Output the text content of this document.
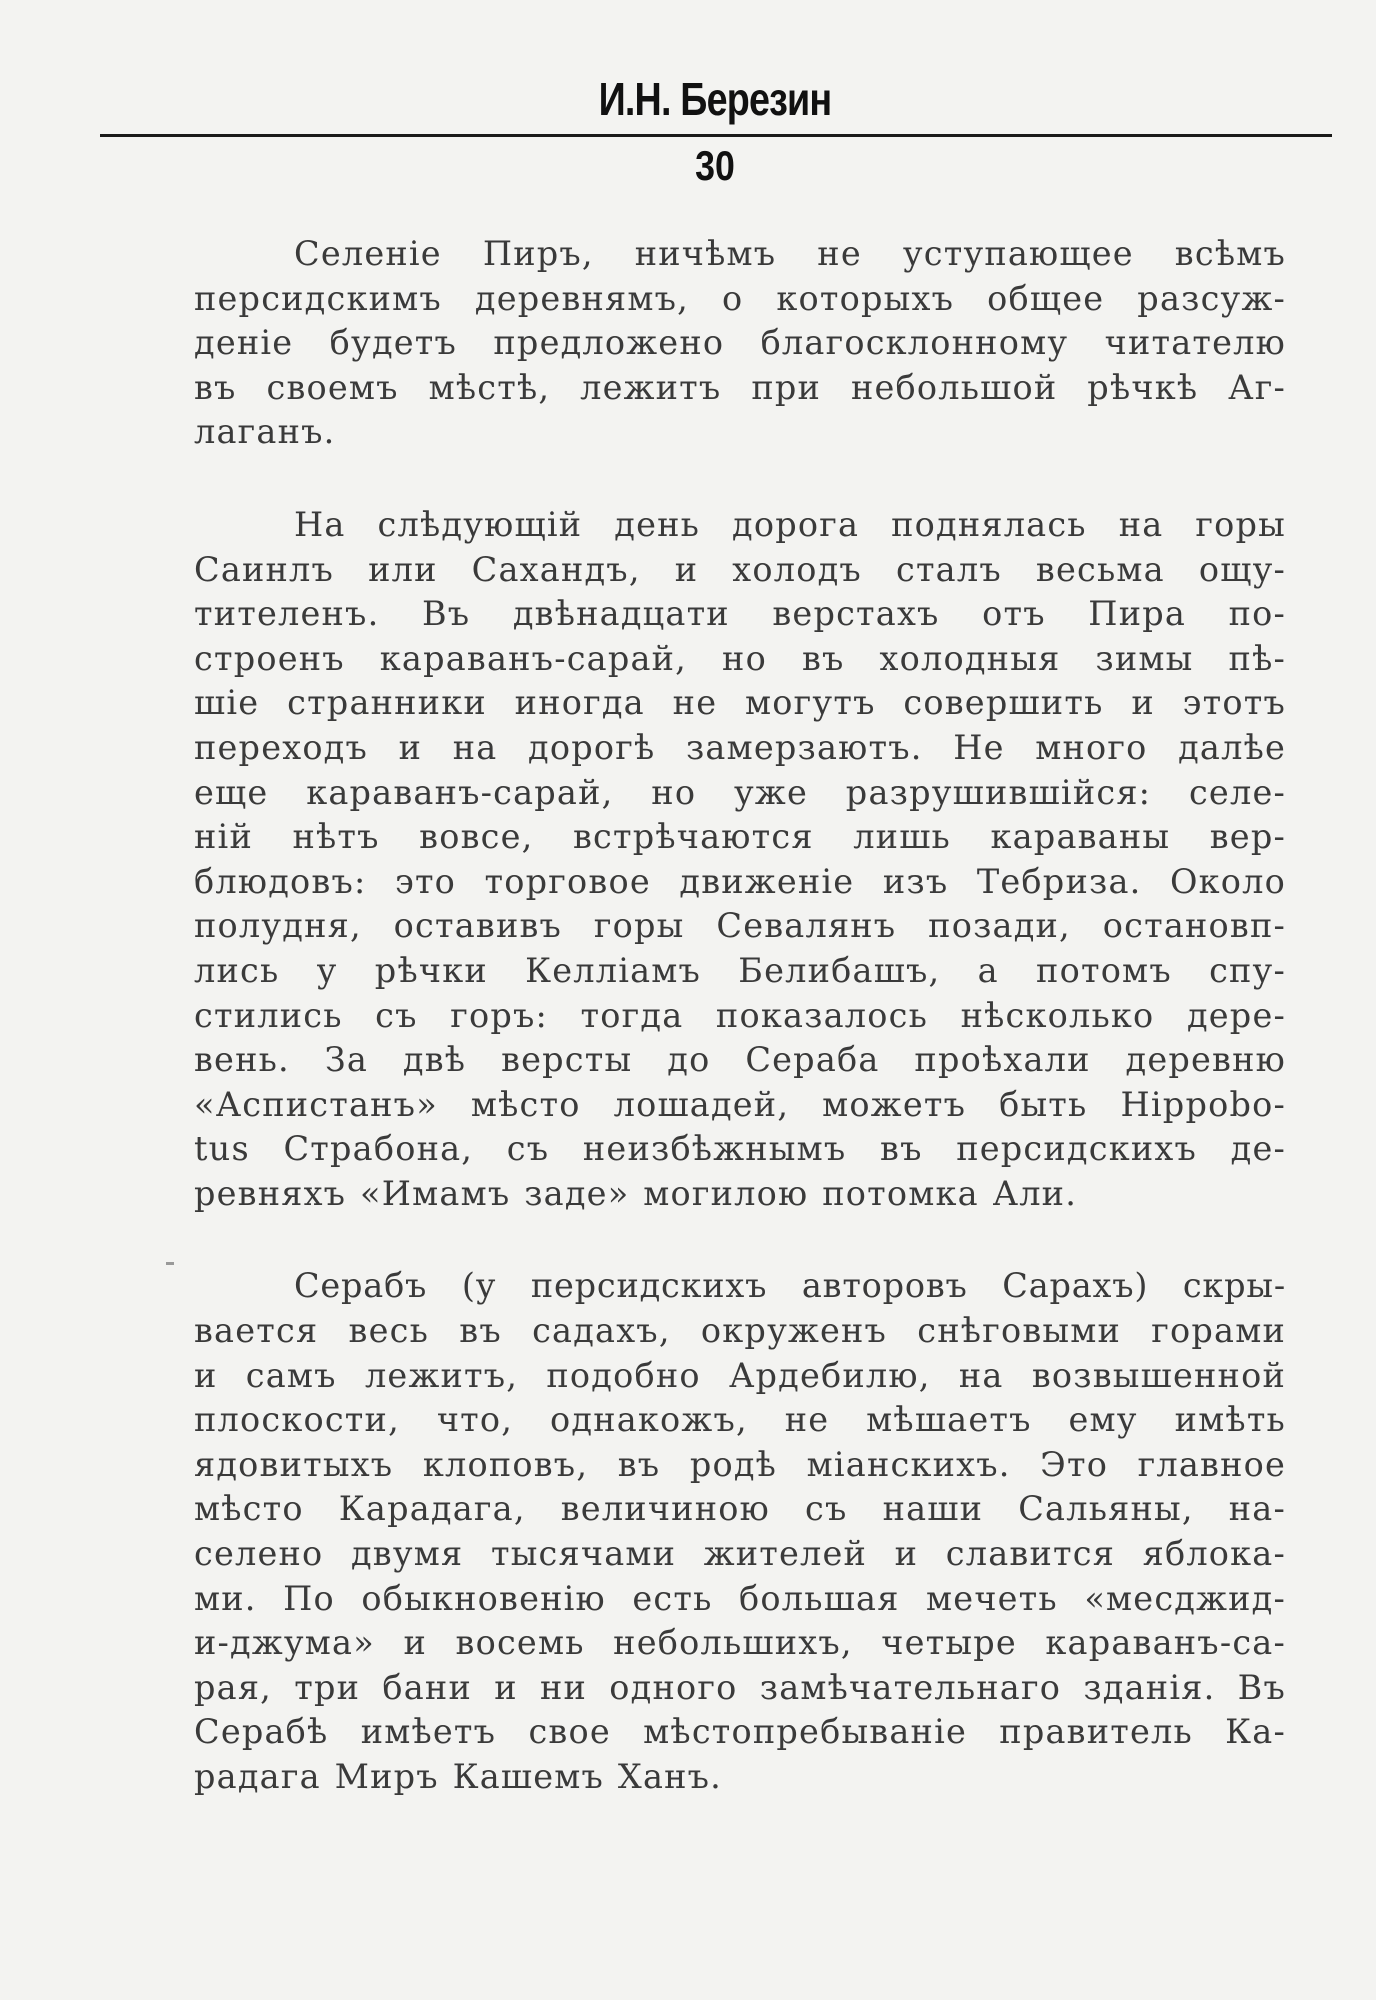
И.Н. Березин
30
Селеніе Пиръ, ничѣмъ не уступающее всѣмъ
персидскимъ деревнямъ, о которыхъ общее разсуж-
деніе будетъ предложено благосклонному читателю
въ своемъ мѣстѣ, лежитъ при небольшой рѣчкѣ Аг-
лаганъ.
На слѣдующій день дорога поднялась на горы
Саинлъ или Сахандъ, и холодъ сталъ весьма ощу-
тителенъ. Въ двѣнадцати верстахъ отъ Пира по-
строенъ караванъ-сарай, но въ холодныя зимы пѣ-
шіе странники иногда не могутъ совершить и этотъ
переходъ и на дорогѣ замерзаютъ. Не много далѣе
еще караванъ-сарай, но уже разрушившійся: селе-
ній нѣтъ вовсе, встрѣчаются лишь караваны вер-
блюдовъ: это торговое движеніе изъ Тебриза. Около
полудня, оставивъ горы Севалянъ позади, остановп-
лись у рѣчки Келліамъ Белибашъ, а потомъ спу-
стились съ горъ: тогда показалось нѣсколько дере-
вень. За двѣ версты до Сераба проѣхали деревню
«Аспистанъ» мѣсто лошадей, можетъ быть Ηippobo-
tus Страбона, съ неизбѣжнымъ въ персидскихъ де-
ревняхъ «Имамъ заде» могилою потомка Али.
Серабъ (у персидскихъ авторовъ Сарахъ) скры-
вается весь въ садахъ, окруженъ снѣговыми горами
и самъ лежитъ, подобно Ардебилю, на возвышенной
плоскости, что, однакожъ, не мѣшаетъ ему имѣть
ядовитыхъ клоповъ, въ родѣ міанскихъ. Это главное
мѣсто Карадага, величиною съ наши Сальяны, на-
селено двумя тысячами жителей и славится яблока-
ми. По обыкновенію есть большая мечеть «месджид-
и-джума» и восемь небольшихъ, четыре караванъ-са-
рая, три бани и ни одного замѣчательнаго зданія. Въ
Серабѣ имѣетъ свое мѣстопребываніе правитель Ка-
радага Миръ Кашемъ Ханъ.
